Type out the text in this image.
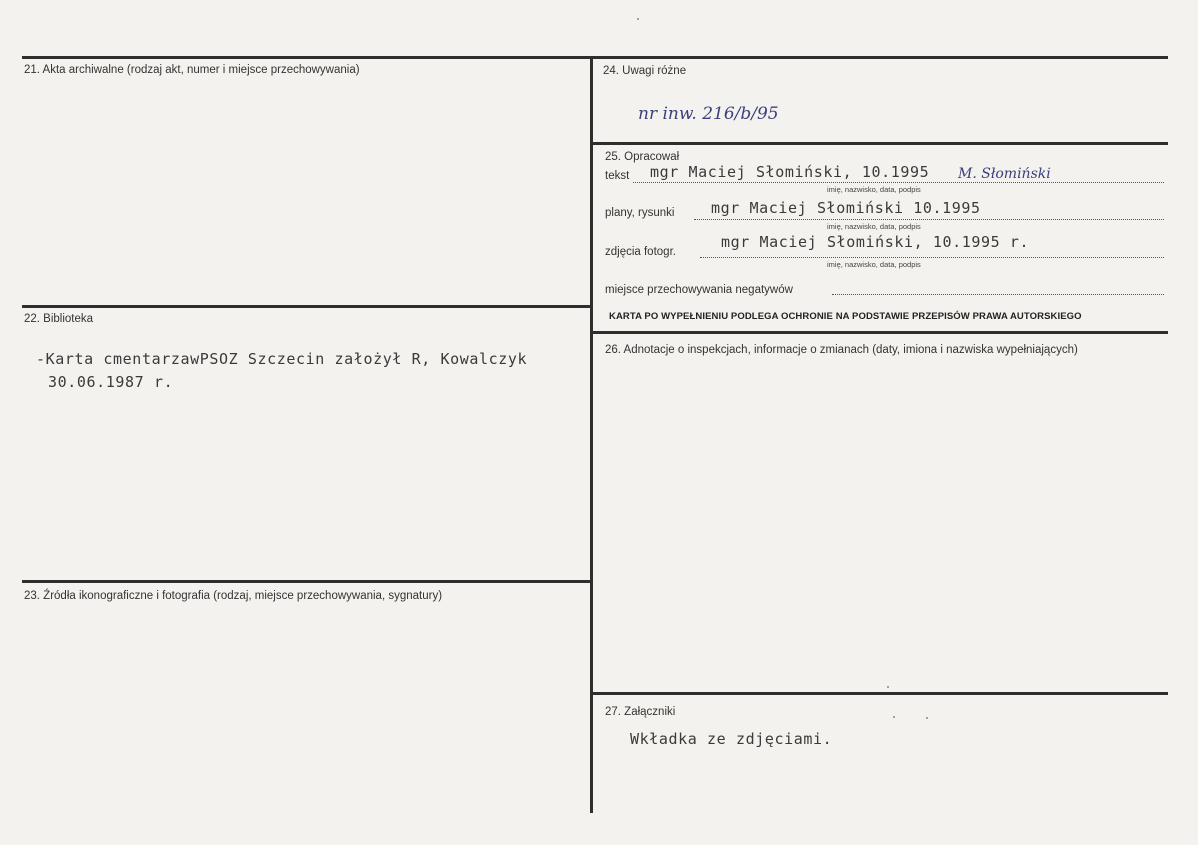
21. Akta archiwalne (rodzaj akt, numer i miejsce przechowywania)
22. Biblioteka
-Karta cmentarzawPSOZ Szczecin założył R, Kowalczyk
30.06.1987 r.
23. Źródła ikonograficzne i fotografia (rodzaj, miejsce przechowywania, sygnatury)
24. Uwagi różne
nr inw. 216/b/95
25. Opracował
tekst mgr Maciej Słomiński, 10.1995 M. Słomiński
imię, nazwisko, data, podpis
plany, rysunki mgr Maciej Słomiński 10.1995
imię, nazwisko, data, podpis
zdjęcia fotogr.
mgr Maciej Słomiński, 10.1995 r.
imię, nazwisko, data, podpis
miejsce przechowywania negatywów
KARTA PO WYPEŁNIENIU PODLEGA OCHRONIE NA PODSTAWIE PRZEPISÓW PRAWA AUTORSKIEGO
26. Adnotacje o inspekcjach, informacje o zmianach (daty, imiona i nazwiska wypełniających)
27. Załączniki
Wkładka ze zdjęciami.
